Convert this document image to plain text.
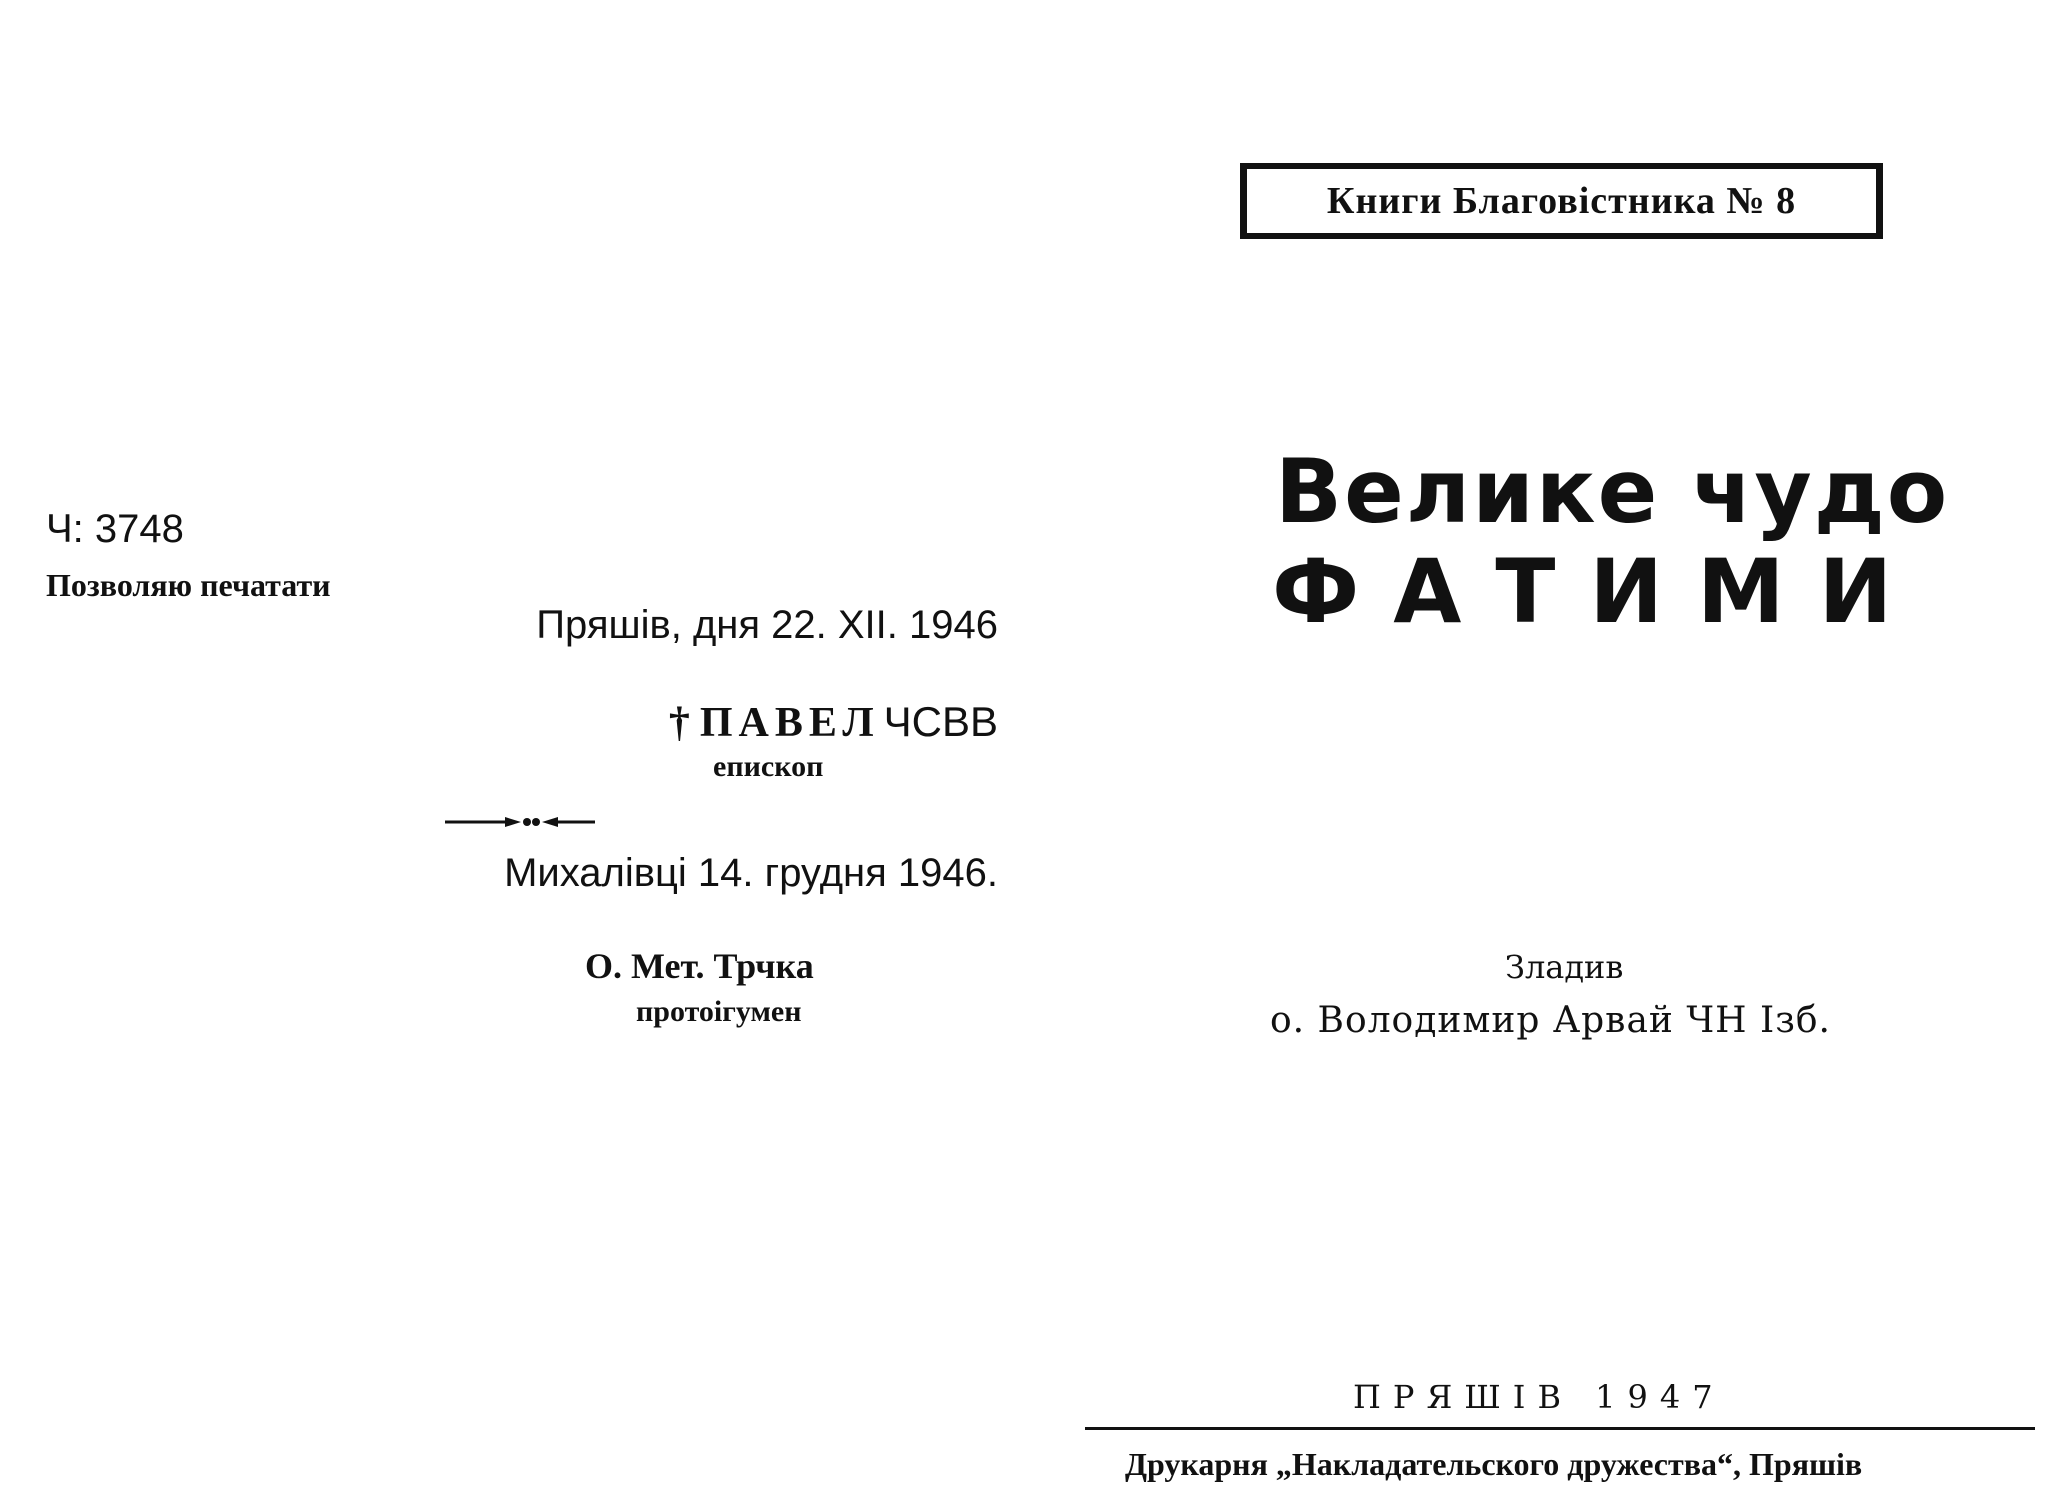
Ч: 3748
Позволяю печатати
Пряшів, дня 22. XII. 1946
† ПАВЕЛЧСВВ
епископ
Михалівці 14. грудня 1946.
О. Мет. Трчка
протоігумен
Книги Благовістника № 8
Велике чудо
ФАТИМИ
Зладив
о. Володимир Арвай ЧН Ізб.
ПРЯШІВ 1947
Друкарня „Накладательского дружества“, Пряшів
